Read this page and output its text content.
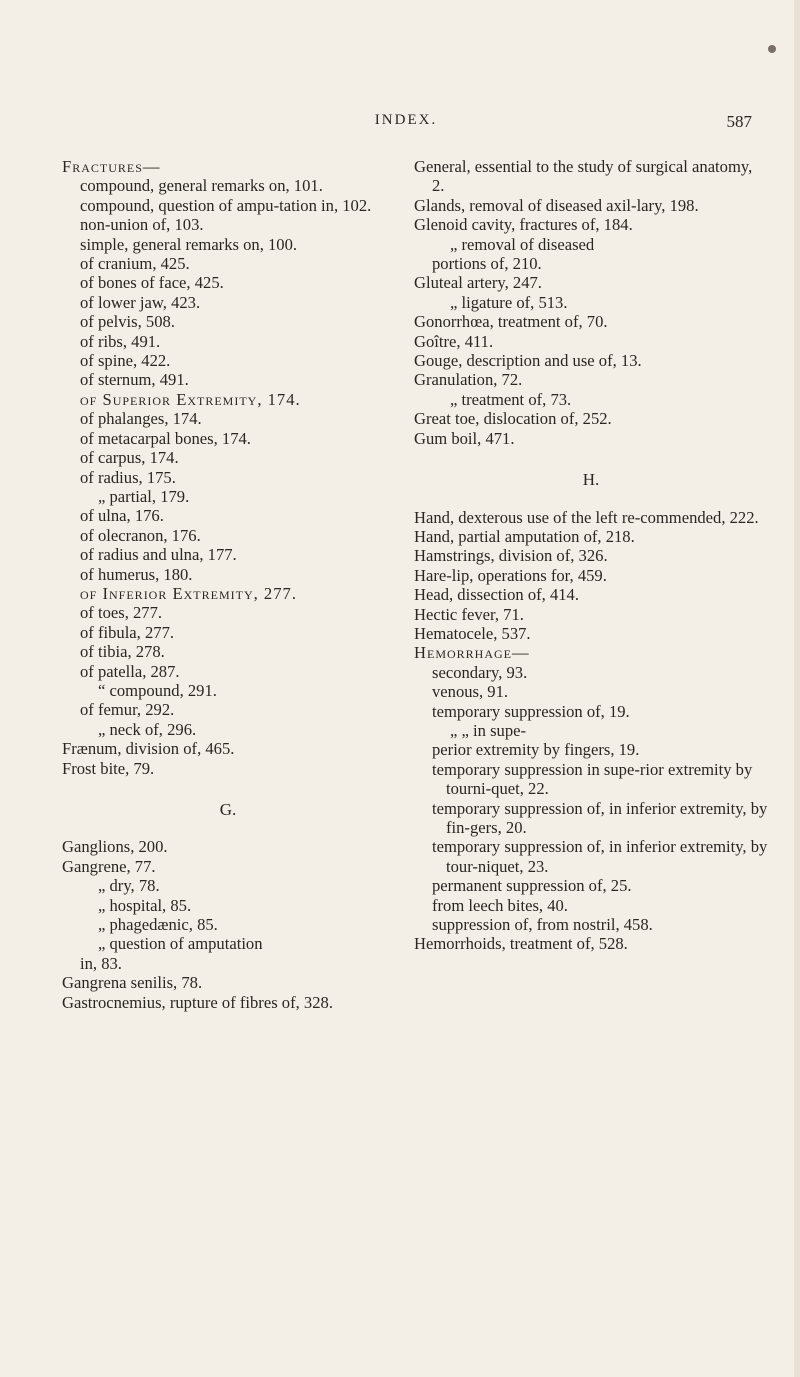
INDEX.	587
Fractures—
compound, general remarks on, 101.
compound, question of ampu-tation in, 102.
non-union of, 103.
simple, general remarks on, 100.
of cranium, 425.
of bones of face, 425.
of lower jaw, 423.
of pelvis, 508.
of ribs, 491.
of spine, 422.
of sternum, 491.
of Superior Extremity, 174.
of phalanges, 174.
of metacarpal bones, 174.
of carpus, 174.
of radius, 175.
„ partial, 179.
of ulna, 176.
of olecranon, 176.
of radius and ulna, 177.
of humerus, 180.
of Inferior Extremity, 277.
of toes, 277.
of fibula, 277.
of tibia, 278.
of patella, 287.
“ compound, 291.
of femur, 292.
„ neck of, 296.
Frænum, division of, 465.
Frost bite, 79.
G.
Ganglions, 200.
Gangrene, 77.
„ dry, 78.
„ hospital, 85.
„ phagedænic, 85.
„ question of amputation
in, 83.
Gangrena senilis, 78.
Gastrocnemius, rupture of fibres of, 328.
General, essential to the study of surgical anatomy, 2.
Glands, removal of diseased axil-lary, 198.
Glenoid cavity, fractures of, 184.
„ removal of diseased
portions of, 210.
Gluteal artery, 247.
„ ligature of, 513.
Gonorrhœa, treatment of, 70.
Goître, 411.
Gouge, description and use of, 13.
Granulation, 72.
„ treatment of, 73.
Great toe, dislocation of, 252.
Gum boil, 471.
H.
Hand, dexterous use of the left re-commended, 222.
Hand, partial amputation of, 218.
Hamstrings, division of, 326.
Hare-lip, operations for, 459.
Head, dissection of, 414.
Hectic fever, 71.
Hematocele, 537.
Hemorrhage—
secondary, 93.
venous, 91.
temporary suppression of, 19.
„ „ in supe-
perior extremity by fingers, 19.
temporary suppression in supe-rior extremity by tourni-quet, 22.
temporary suppression of, in inferior extremity, by fin-gers, 20.
temporary suppression of, in inferior extremity, by tour-niquet, 23.
permanent suppression of, 25.
from leech bites, 40.
suppression of, from nostril, 458.
Hemorrhoids, treatment of, 528.
